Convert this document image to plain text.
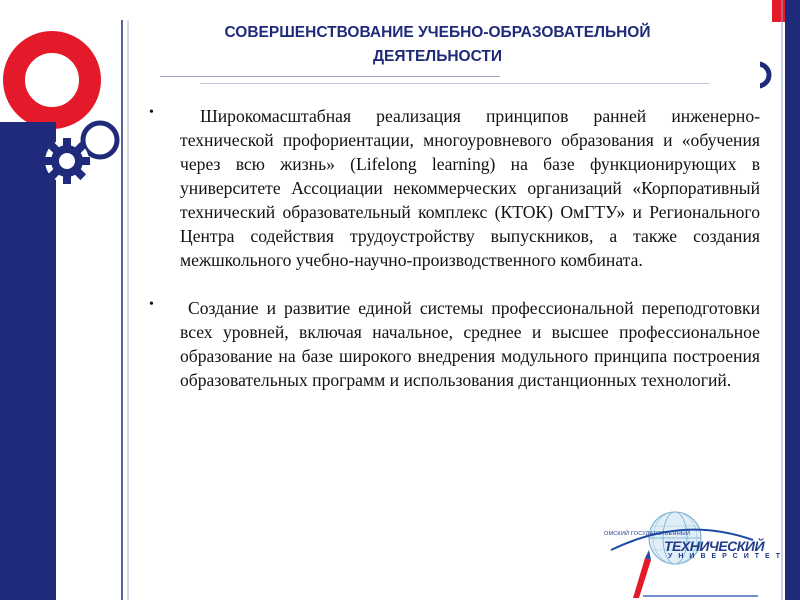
СОВЕРШЕНСТВОВАНИЕ УЧЕБНО-ОБРАЗОВАТЕЛЬНОЙ
ДЕЯТЕЛЬНОСТИ
•	Широкомасштабная реализация принципов ранней инженерно-технической профориентации, многоуровневого образования и «обучения через всю жизнь» (Lifelong learning) на базе функционирующих в университете Ассоциации некоммерческих организаций «Корпоративный технический образовательный комплекс (КТОК) ОмГТУ» и Регионального Центра содействия трудоустройству выпускников, а также создания межшкольного учебно-научно-производственного комбината.
•	Создание и развитие единой системы профессиональной переподготовки всех уровней, включая начальное, среднее и высшее профессиональное образование на базе широкого внедрения модульного принципа построения образовательных программ и использования дистанционных технологий.
ОМСКИЙ ГОСУДАРСТВЕННЫЙ
ТЕХНИЧЕСКИЙ
УНИВЕРСИТЕТ
